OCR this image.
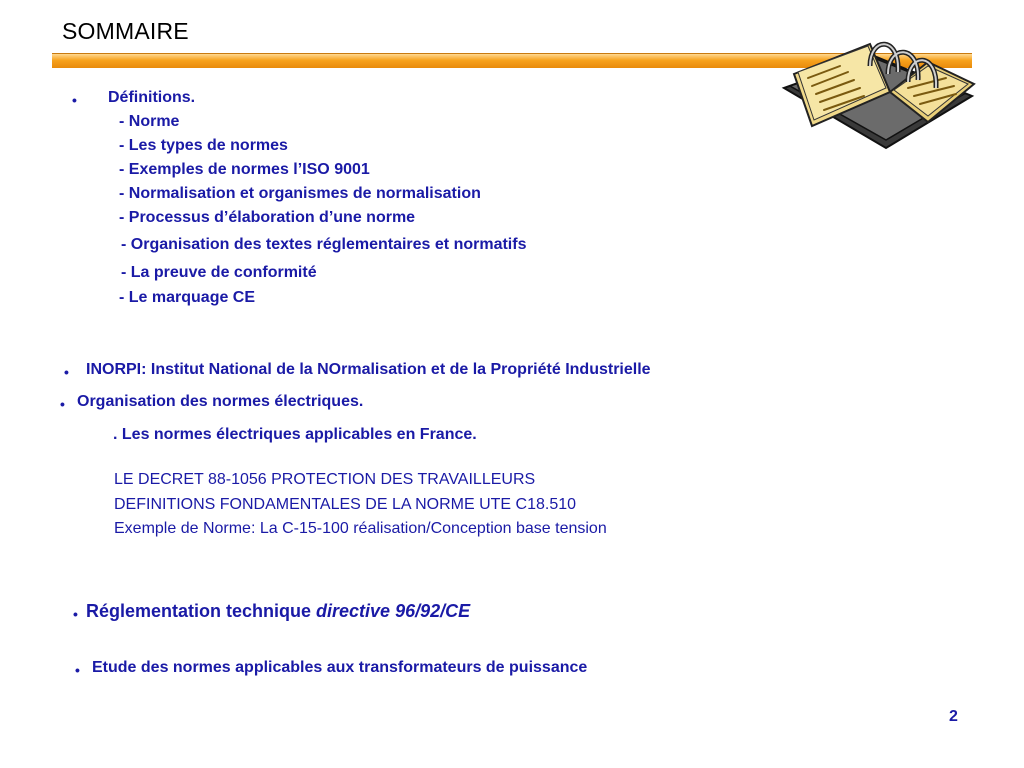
SOMMAIRE
• Définitions.
- Norme
- Les types de normes
- Exemples de normes l’ISO 9001
- Normalisation et organismes de normalisation
- Processus d’élaboration d’une norme
- Organisation des textes réglementaires et normatifs
- La preuve de conformité
- Le marquage CE
• INORPI: Institut National de la NOrmalisation et de la Propriété Industrielle
• Organisation des normes électriques.
. Les normes électriques applicables en France.
LE DECRET 88-1056 PROTECTION DES TRAVAILLEURS
DEFINITIONS FONDAMENTALES DE LA NORME UTE C18.510
Exemple de Norme: La C-15-100 réalisation/Conception base tension
• Réglementation technique directive 96/92/CE
• Etude des normes applicables aux transformateurs de puissance
2
